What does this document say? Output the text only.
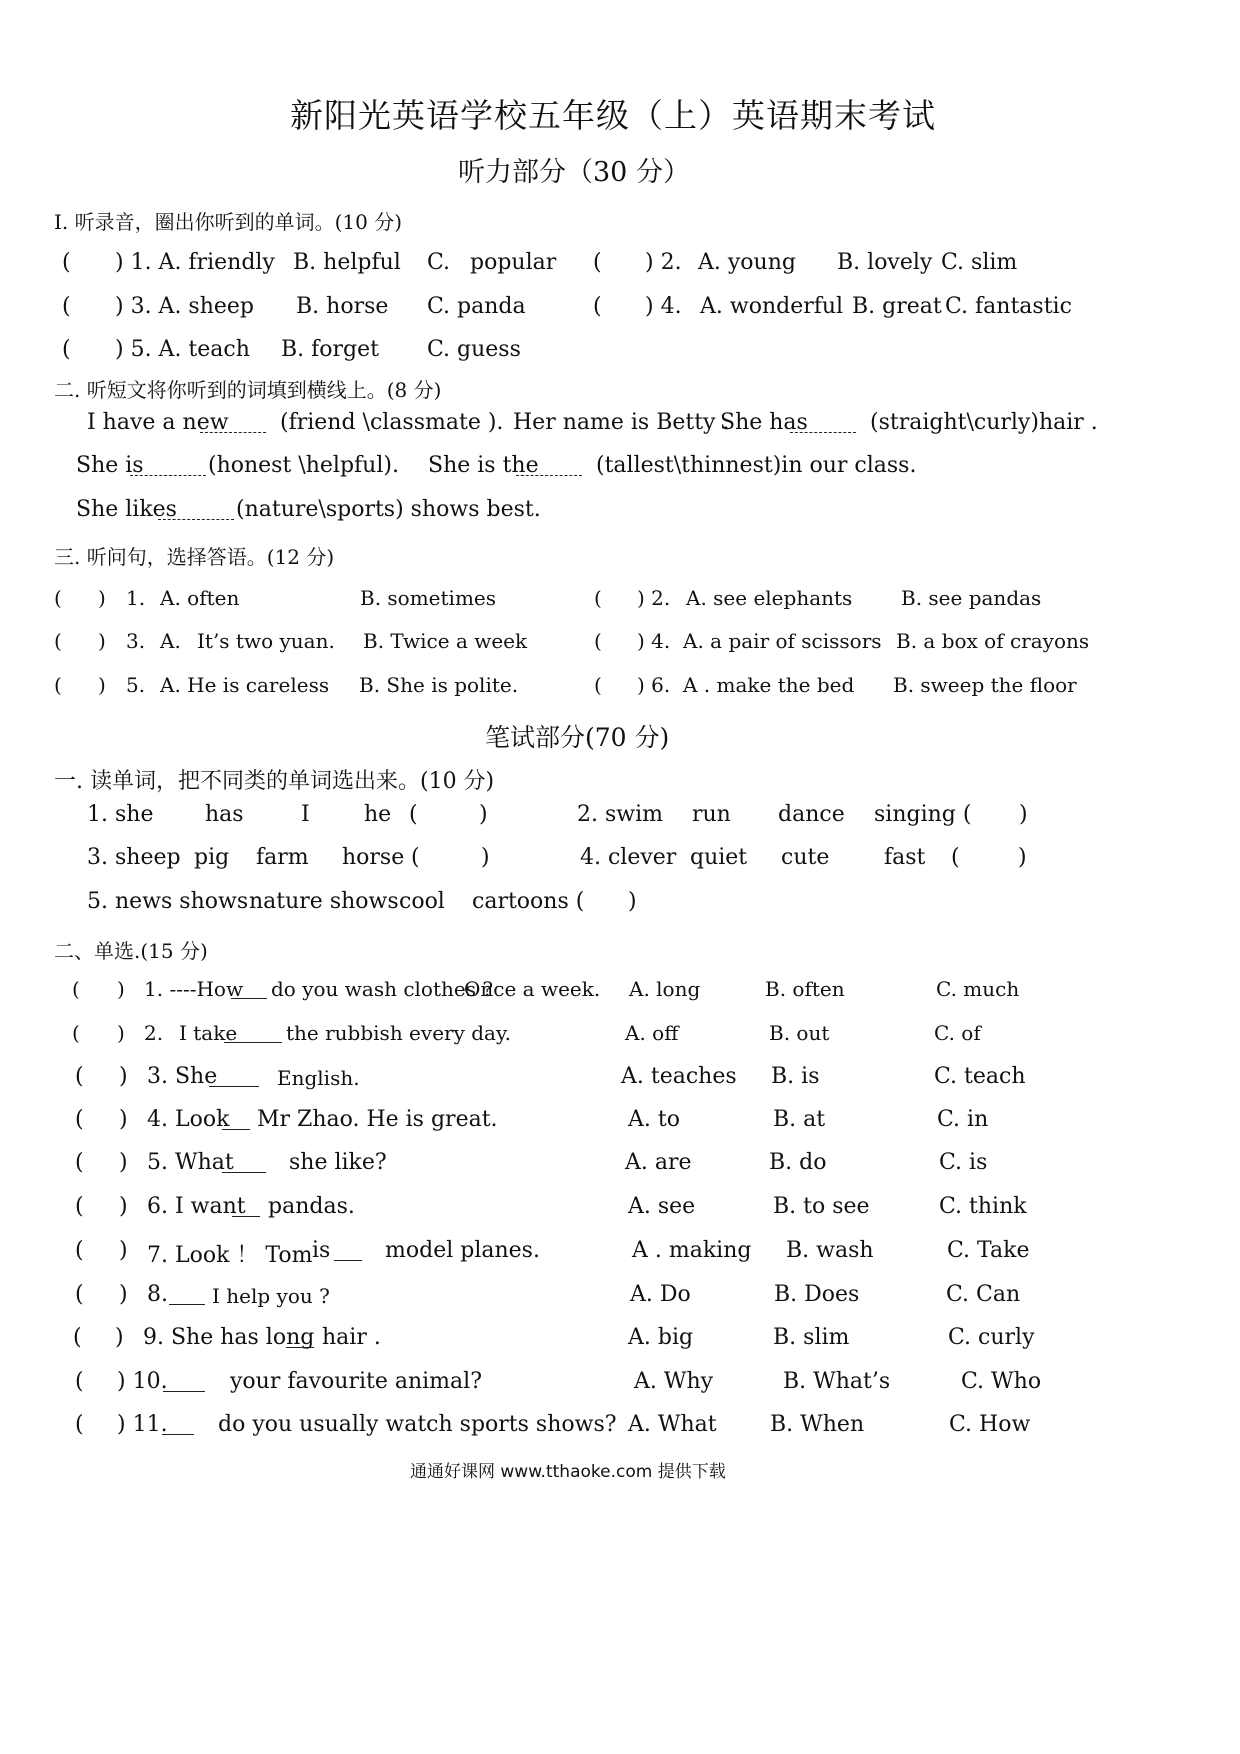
新阳光英语学校五年级（上）英语期末考试
听力部分（30 分）
I. 听录音，圈出你听到的单词。(10 分)
( ) 1. A. friendly B. helpful C. popular ( ) 2. A. young B. lovely C. slim
( ) 3. A. sheep B. horse C. panda	( ) 4. A. wonderful B. great C. fantastic
( ) 5. A. teach B. forget C. guess
二. 听短文将你听到的词填到横线上。(8 分)
I have a new (friend \classmate ). Her name is Betty .
She has	(straight\curly)hair .
She is	(honest \helpful). She is the	(tallest\thinnest)in our class.
She likes	(nature\sports) shows best.
三. 听问句，选择答语。(12 分)
( ) 1. A. often	B. sometimes	( ) 2. A. see elephants B. see pandas
( ) 3. A. It’s two yuan. B. Twice a week	( ) 4. A. a pair of scissors B. a box of crayons
( ) 5. A. He is careless B. She is polite.	( ) 6. A . make the bed B. sweep the floor
笔试部分(70 分)
一. 读单词，把不同类的单词选出来。(10 分)
1. she has	I he (	)	2. swim run dance singing ( )
3. sheep pig farm horse (	)	4. clever quiet cute fast (	)
5. news shows nature shows cool cartoons ( )
二、单选.(15 分)
( ) 1. ----How do you wash clothes ?
Once a week. A. long	B. often	C. much
( ) 2. I take the rubbish every day.	A. off	B. out	C. of
( ) 3. She	English.	A. teaches B. is	C. teach
( ) 4. Look Mr Zhao. He is great.	A. to	B. at	C. in
( ) 5. What	she like?	A. are	B. do	C. is
( ) 6. I want pandas.	A. see	B. to see	C. think
( ) 7. Look ！ Tom is model planes.	A . making B. wash	C. Take
( ) 8. I help you ?	A. Do	B. Does	C. Can
( ) 9. She has long hair .	A. big	B. slim	C. curly
( ) 10.	your favourite animal?	A. Why	B. What’s	C. Who
( ) 11. do you usually watch sports shows? A. What B. When	C. How
通通好课网 www.tthaoke.com 提供下载
